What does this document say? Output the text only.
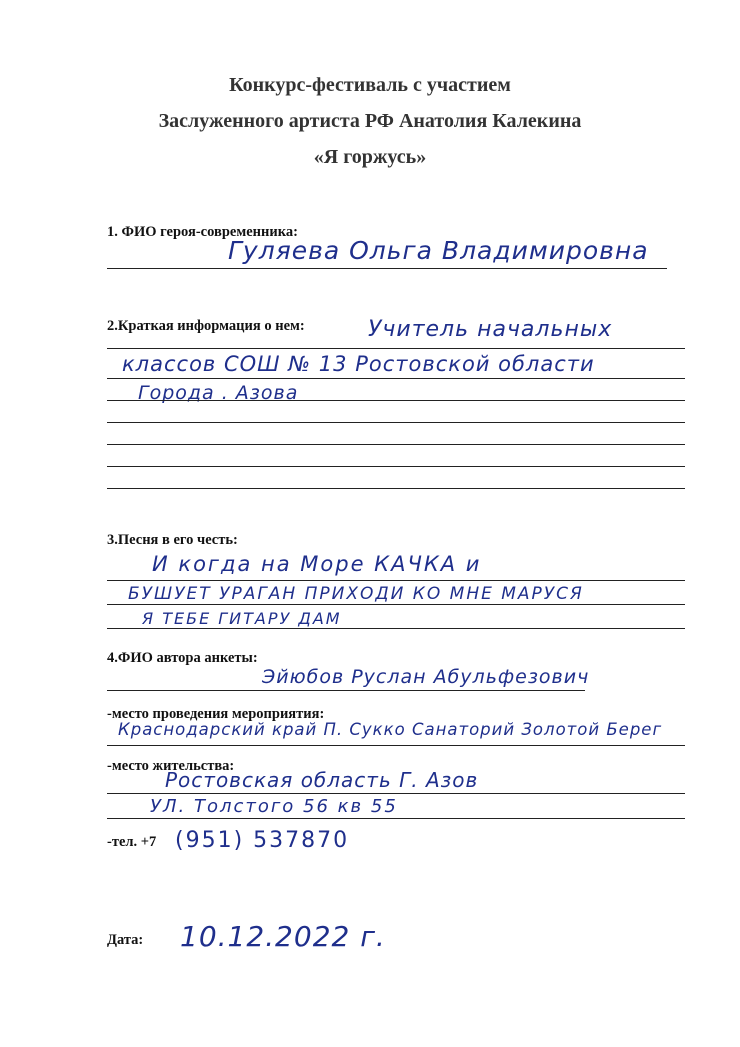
Конкурс-фестиваль с участием
Заслуженного артиста РФ Анатолия Калекина
«Я горжусь»
1. ФИО героя-современника:
Гуляева Ольга Владимировна
2.Краткая информация о нем:	Учитель начальных
классов СОШ № 13 Ростовской области
Города . Азова
3.Песня в его честь:
И когда на Море КАЧКА и
БУШУЕТ УРАГАН ПРИХОДИ КО МНЕ МАРУСЯ
Я ТЕБЕ ГИТАРУ ДАМ
4.ФИО автора анкеты:
Эйюбов Руслан Абульфезович
-место проведения мероприятия:
Краснодарский край П. Сукко Санаторий Золотой Берег
-место жительства:
Ростовская область Г. Азов
УЛ. Толстого 56 кв 55
-тел. +7 (951) 537870
Дата: 10.12.2022 г.
